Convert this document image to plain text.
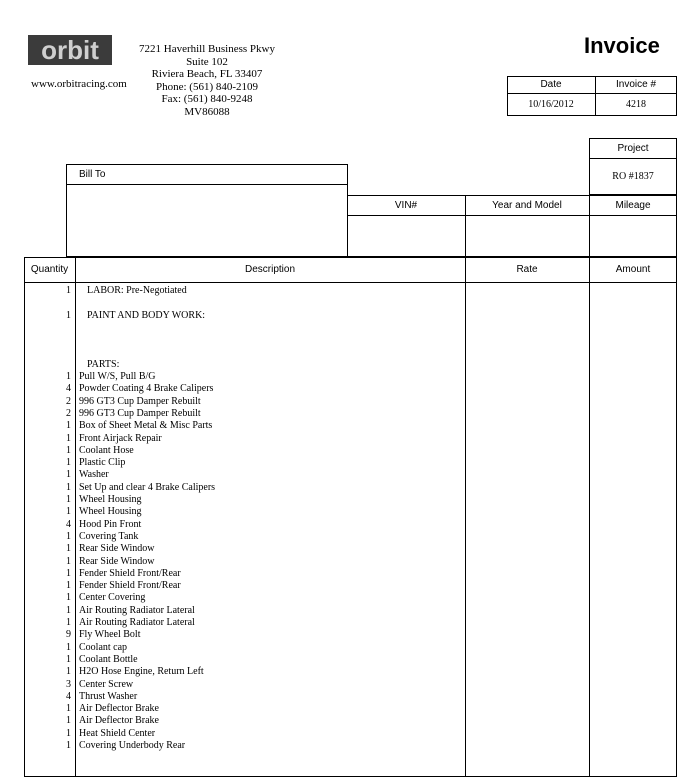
orbit
www.orbitracing.com
7221 Haverhill Business Pkwy
Suite 102
Riviera Beach, FL 33407
Phone: (561) 840-2109
Fax: (561) 840-9248
MV86088
Invoice
Date	Invoice #
10/16/2012	4218
Project
RO #1837
Bill To
VIN#	Year and Model	Mileage
Quantity	Description	Rate	Amount
1 LABOR: Pre-Negotiated
1 PAINT AND BODY WORK:
PARTS:
1 Pull W/S, Pull B/G
4 Powder Coating 4 Brake Calipers
2 996 GT3 Cup Damper Rebuilt
2 996 GT3 Cup Damper Rebuilt
1 Box of Sheet Metal & Misc Parts
1 Front Airjack Repair
1 Coolant Hose
1 Plastic Clip
1 Washer
1 Set Up and clear 4 Brake Calipers
1 Wheel Housing
1 Wheel Housing
4 Hood Pin Front
1 Covering Tank
1 Rear Side Window
1 Rear Side Window
1 Fender Shield Front/Rear
1 Fender Shield Front/Rear
1 Center Covering
1 Air Routing Radiator Lateral
1 Air Routing Radiator Lateral
9 Fly Wheel Bolt
1 Coolant cap
1 Coolant Bottle
1 H2O Hose Engine, Return Left
3 Center Screw
4 Thrust Washer
1 Air Deflector Brake
1 Air Deflector Brake
1 Heat Shield Center
1 Covering Underbody Rear
